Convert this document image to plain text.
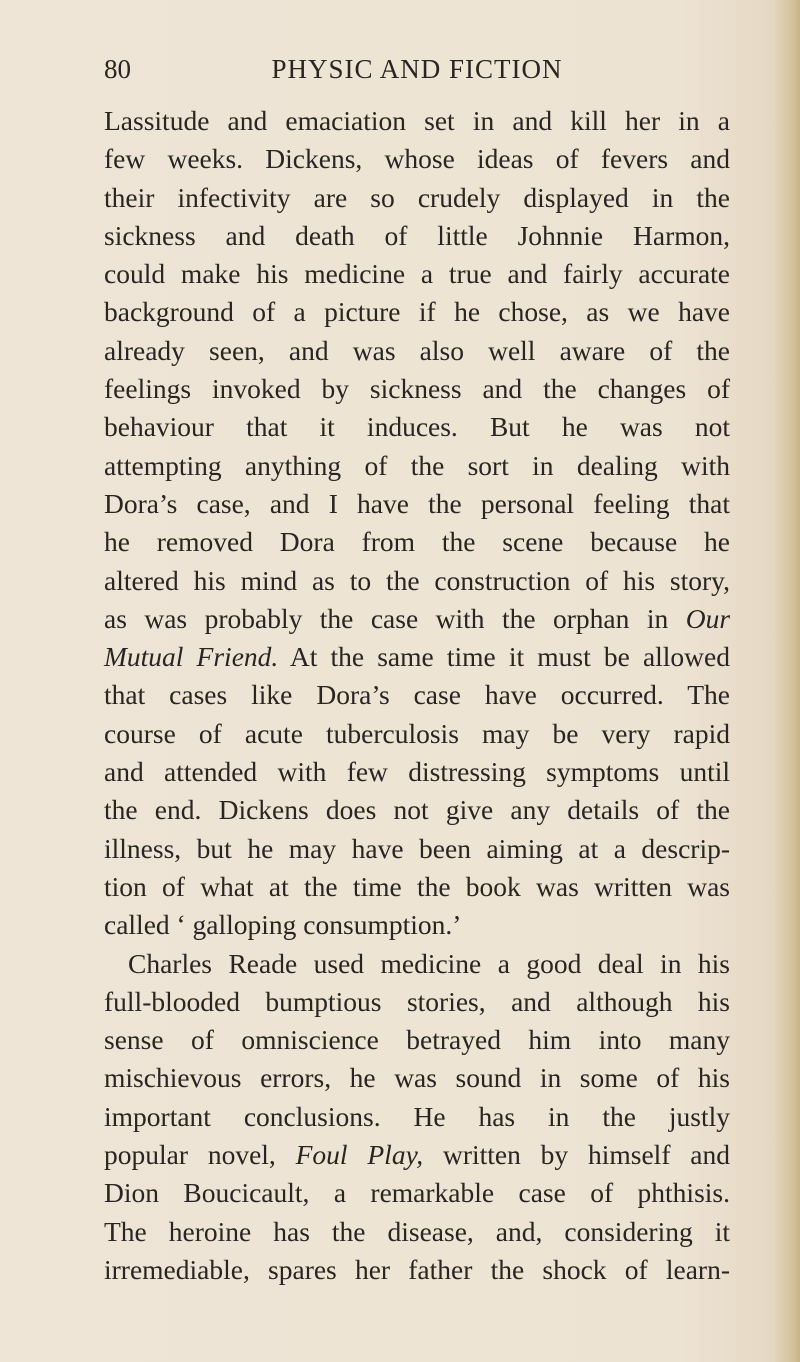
80	PHYSIC AND FICTION
Lassitude and emaciation set in and kill her in a
few weeks. Dickens, whose ideas of fevers and
their infectivity are so crudely displayed in the
sickness and death of little Johnnie Harmon,
could make his medicine a true and fairly accurate
background of a picture if he chose, as we have
already seen, and was also well aware of the
feelings invoked by sickness and the changes of
behaviour that it induces. But he was not
attempting anything of the sort in dealing with
Dora’s case, and I have the personal feeling that
he removed Dora from the scene because he
altered his mind as to the construction of his story,
as was probably the case with the orphan in Our
Mutual Friend. At the same time it must be allowed
that cases like Dora’s case have occurred. The
course of acute tuberculosis may be very rapid
and attended with few distressing symptoms until
the end. Dickens does not give any details of the
illness, but he may have been aiming at a descrip-
tion of what at the time the book was written was
called ‘ galloping consumption.’
Charles Reade used medicine a good deal in his
full-blooded bumptious stories, and although his
sense of omniscience betrayed him into many
mischievous errors, he was sound in some of his
important conclusions. He has in the justly
popular novel, Foul Play, written by himself and
Dion Boucicault, a remarkable case of phthisis.
The heroine has the disease, and, considering it
irremediable, spares her father the shock of learn-
